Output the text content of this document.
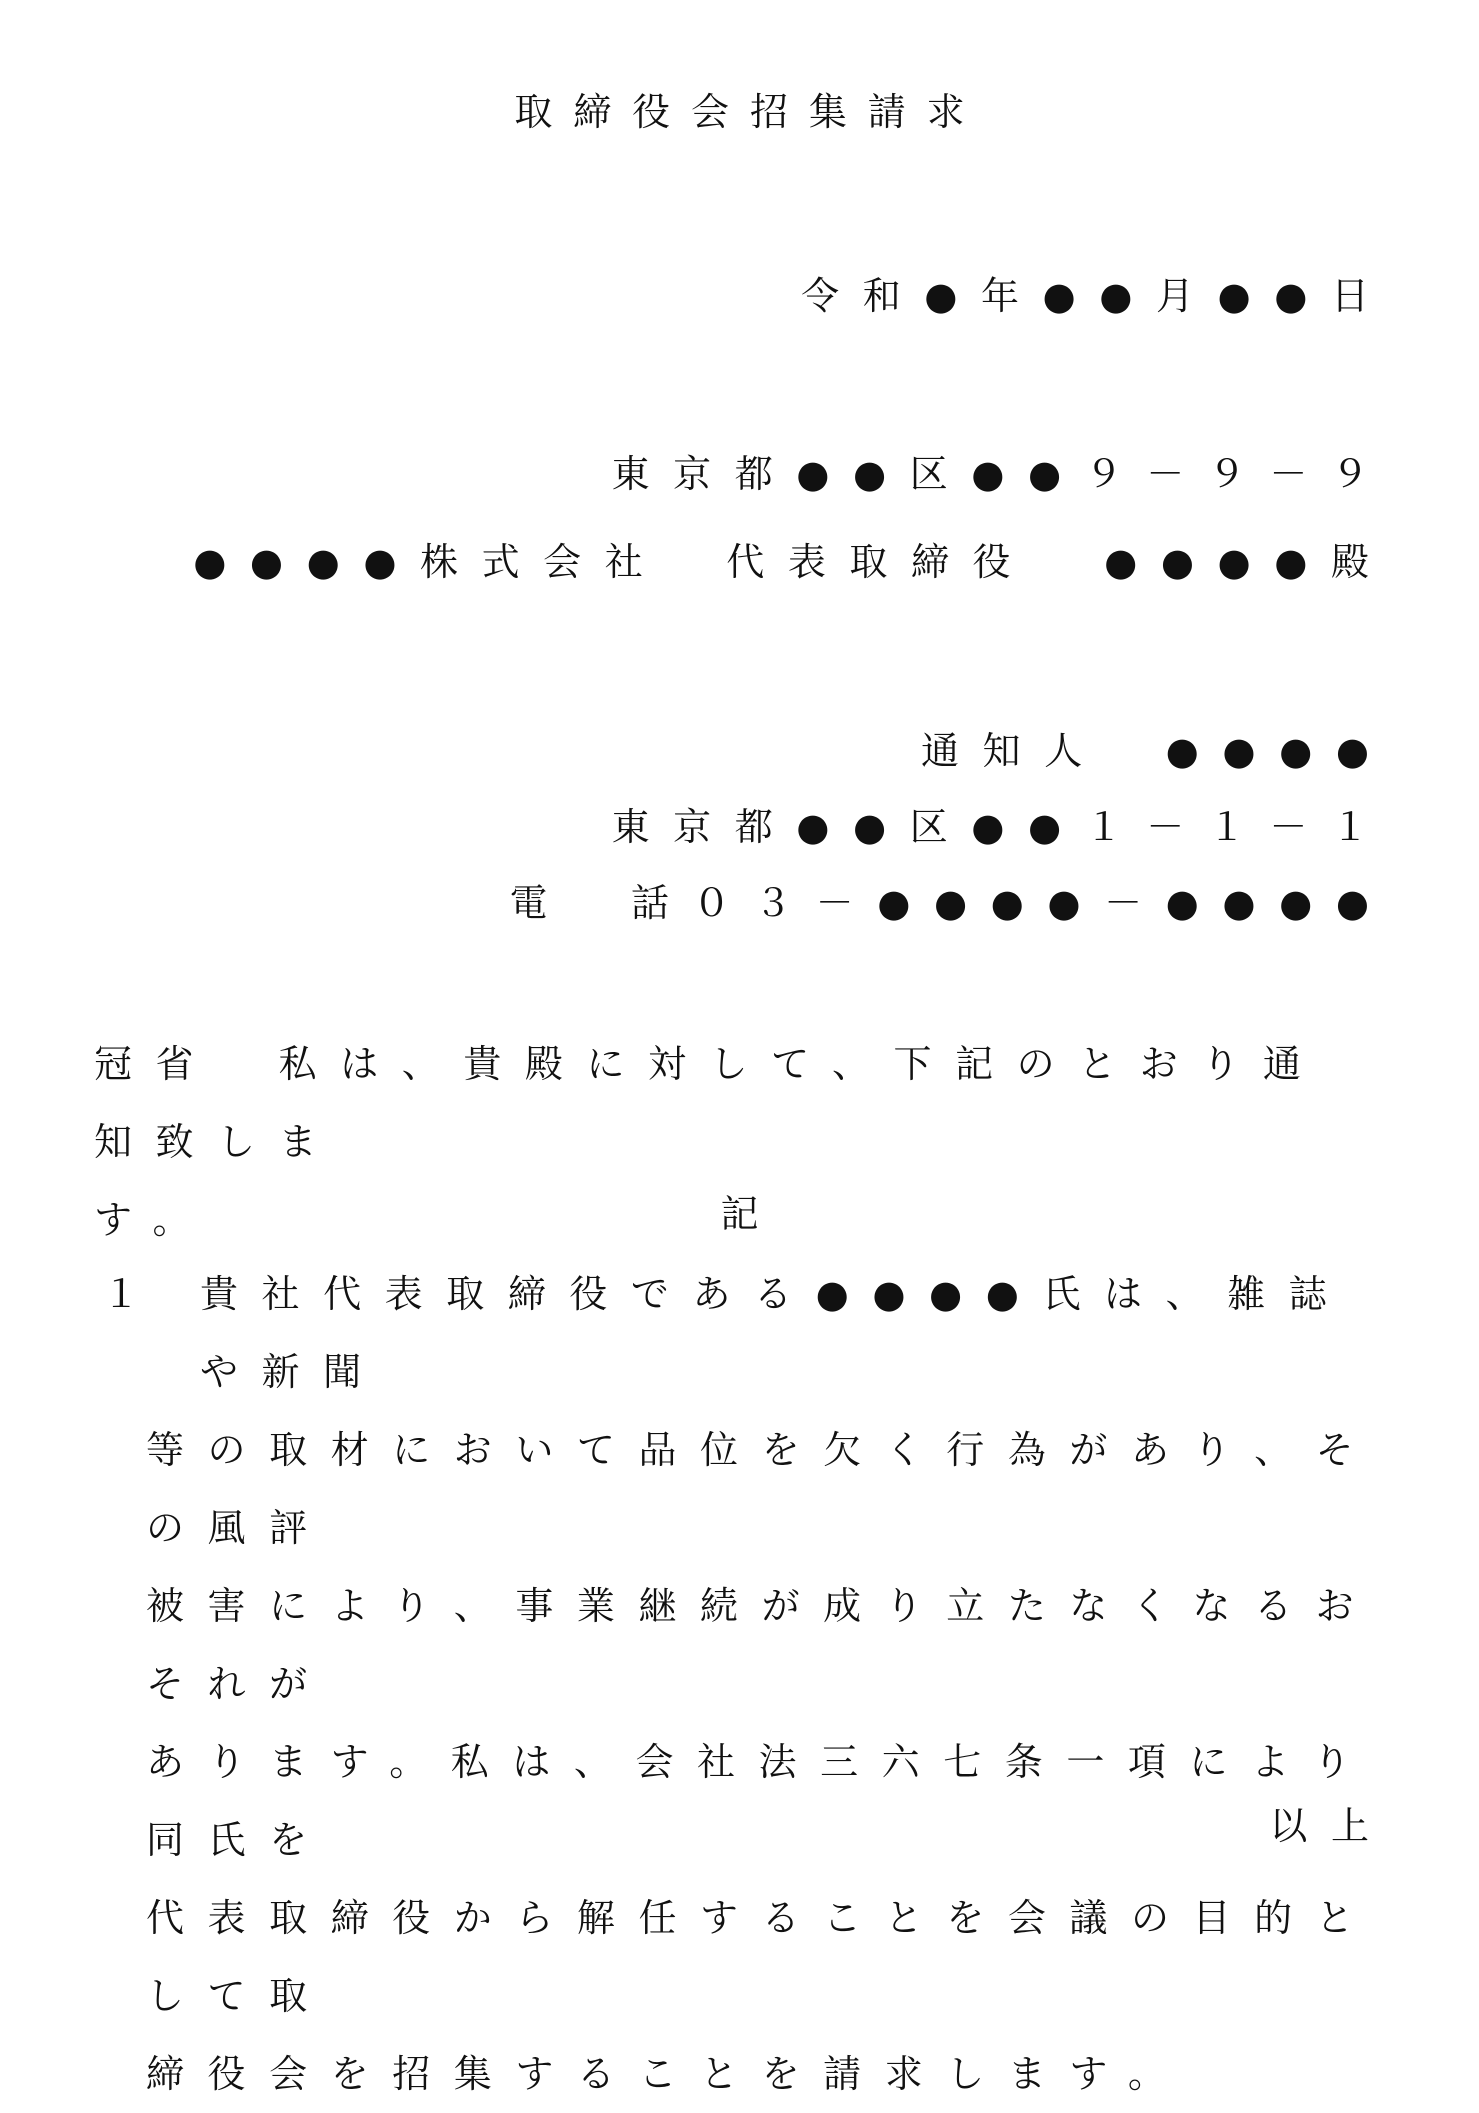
取締役会招集請求
令和●年●●月●●日
東京都●●区●●９－９－９
●●●●株式会社 代表取締役 ●●●●殿
通知人 ●●●●
東京都●●区●●１－１－１
電 話０３－●●●●－●●●●
冠省　私は、貴殿に対して、下記のとおり通知致しま
す。	記
１ 貴社代表取締役である●●●●氏は、雑誌や新聞
等の取材において品位を欠く行為があり、その風評
被害により、事業継続が成り立たなくなるおそれが
あります。私は、会社法三六七条一項により同氏を
代表取締役から解任することを会議の目的として取
締役会を招集することを請求します。
以上
